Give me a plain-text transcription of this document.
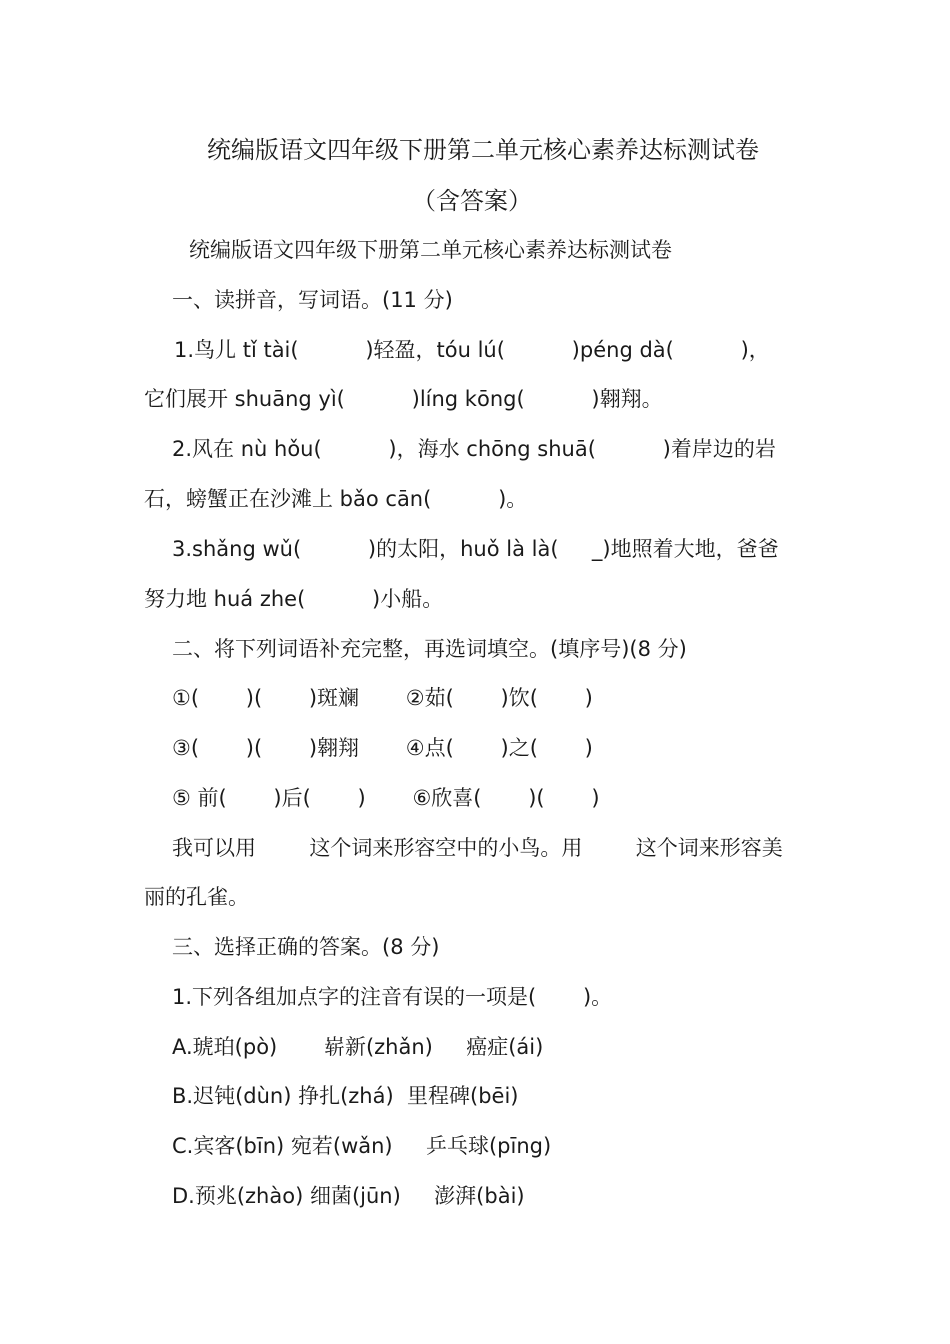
统编版语文四年级下册第二单元核心素养达标测试卷
（含答案）
统编版语文四年级下册第二单元核心素养达标测试卷
一、读拼音，写词语。(11 分)
1.鸟儿 tǐ tài(          )轻盈，tóu lú(          )péng dà(          )，
它们展开 shuāng yì(          )líng kōng(          )翱翔。
2.风在 nù hǒu(          )，海水 chōng shuā(          )着岸边的岩
石，螃蟹正在沙滩上 bǎo cān(          )。
3.shǎng wǔ(          )的太阳，huǒ là là(     _)地照着大地，爸爸
努力地 huá zhe(          )小船。
二、将下列词语补充完整，再选词填空。(填序号)(8 分)
①(       )(       )斑斓       ②茹(       )饮(       )
③(       )(       )翱翔       ④点(       )之(       )
⑤ 前(       )后(       )       ⑥欣喜(       )(       )
我可以用        这个词来形容空中的小鸟。用        这个词来形容美
丽的孔雀。
三、选择正确的答案。(8 分)
1.下列各组加点字的注音有误的一项是(       )。
A.琥珀(pò)       崭新(zhǎn)     癌症(ái)
B.迟钝(dùn) 挣扎(zhá)  里程碑(bēi)
C.宾客(bīn) 宛若(wǎn)     乒乓球(pīng)
D.预兆(zhào) 细菌(jūn)     澎湃(bài)
